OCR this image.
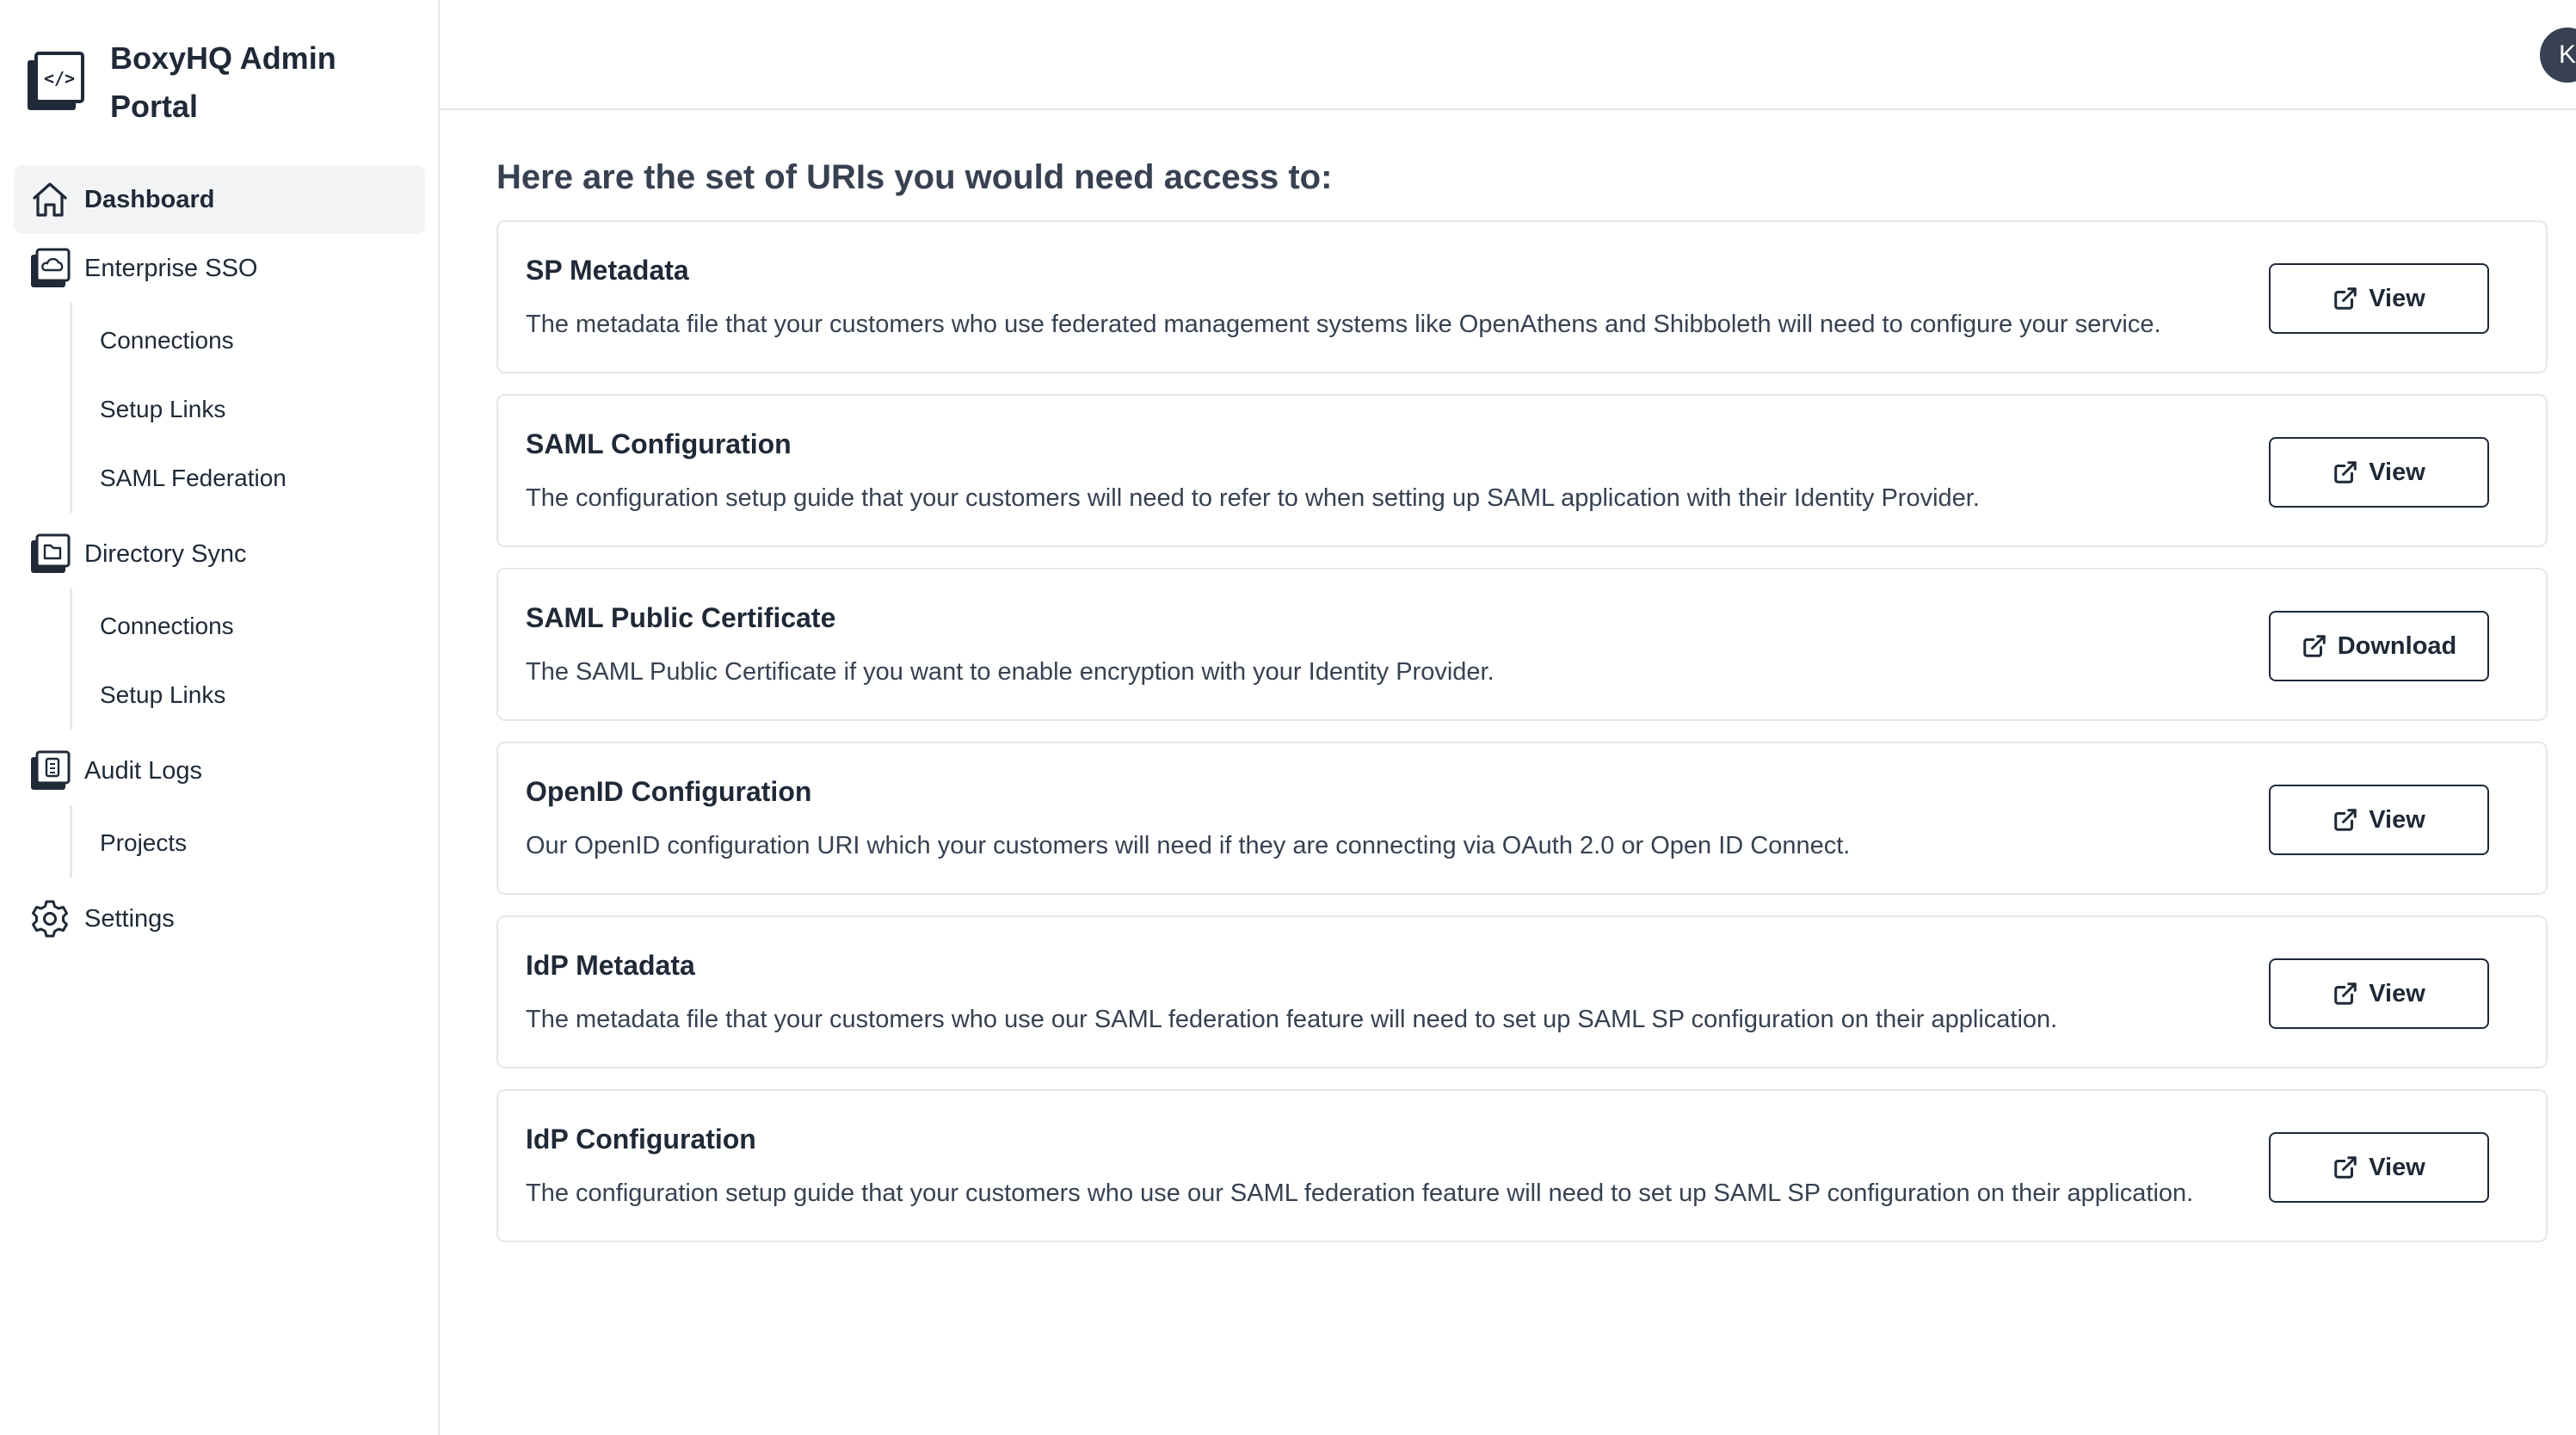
</>
BoxyHQ Admin Portal
Dashboard
Enterprise SSO
Connections
Setup Links
SAML Federation
Directory Sync
Connections
Setup Links
Audit Logs
Projects
Settings
K
Here are the set of URIs you would need access to:
SP Metadata
The metadata file that your customers who use federated management systems like OpenAthens and Shibboleth will need to configure your service.
View
SAML Configuration
The configuration setup guide that your customers will need to refer to when setting up SAML application with their Identity Provider.
View
SAML Public Certificate
The SAML Public Certificate if you want to enable encryption with your Identity Provider.
Download
OpenID Configuration
Our OpenID configuration URI which your customers will need if they are connecting via OAuth 2.0 or Open ID Connect.
View
IdP Metadata
The metadata file that your customers who use our SAML federation feature will need to set up SAML SP configuration on their application.
View
IdP Configuration
The configuration setup guide that your customers who use our SAML federation feature will need to set up SAML SP configuration on their application.
View
